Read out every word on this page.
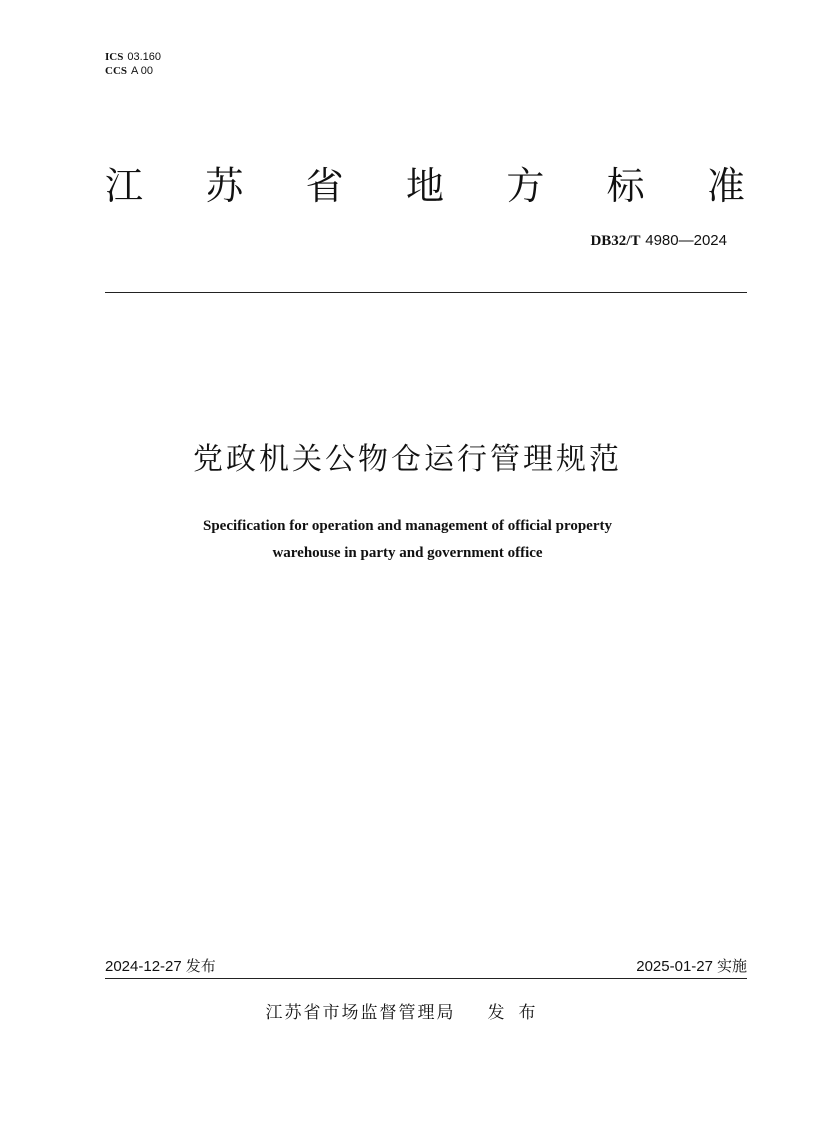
ICS 03.160
CCS A 00
江 苏 省 地 方 标 准
DB32/T 4980—2024
党政机关公物仓运行管理规范
Specification for operation and management of official property
warehouse in party and government office
2024-12-27 发布	2025-01-27 实施
江苏省市场监督管理局 发布
